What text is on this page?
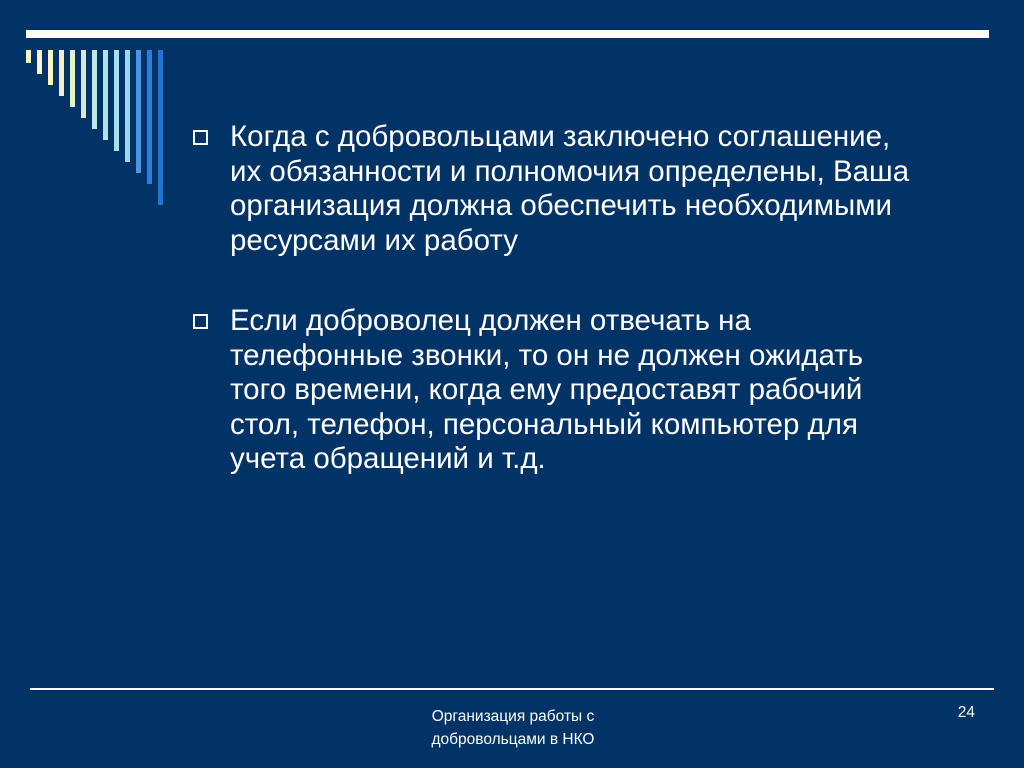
Когда с добровольцами заключено соглашение, их обязанности и полномочия определены, Ваша организация должна обеспечить необходимыми ресурсами их работу
Если доброволец должен отвечать на телефонные звонки, то он не должен ожидать того времени, когда ему предоставят рабочий стол, телефон, персональный компьютер для учета обращений и т.д.
Организация работы с
добровольцами в НКО
24
